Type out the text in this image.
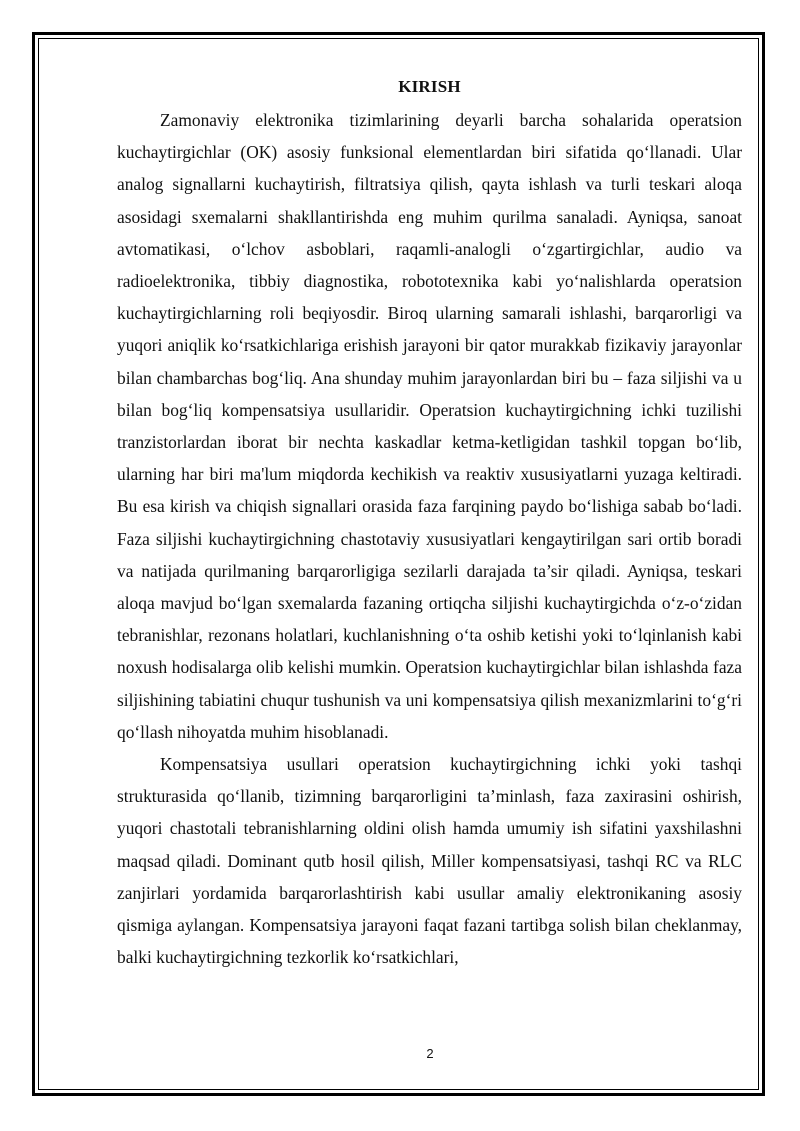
KIRISH

Zamonaviy elektronika tizimlarining deyarli barcha sohalarida operatsion kuchaytirgichlar (OK) asosiy funksional elementlardan biri sifatida qo‘llanadi. Ular analog signallarni kuchaytirish, filtratsiya qilish, qayta ishlash va turli teskari aloqa asosidagi sxemalarni shakllantirishda eng muhim qurilma sanaladi. Ayniqsa, sanoat avtomatikasi, o‘lchov asboblari, raqamli-analogli o‘zgartirgichlar, audio va radioelektronika, tibbiy diagnostika, robototexnika kabi yo‘nalishlarda operatsion kuchaytirgichlarning roli beqiyosdir. Biroq ularning samarali ishlashi, barqarorligi va yuqori aniqlik ko‘rsatkichlariga erishish jarayoni bir qator murakkab fizikaviy jarayonlar bilan chambarchas bog‘liq. Ana shunday muhim jarayonlardan biri bu – faza siljishi va u bilan bog‘liq kompensatsiya usullaridir. Operatsion kuchaytirgichning ichki tuzilishi tranzistorlardan iborat bir nechta kaskadlar ketma-ketligidan tashkil topgan bo‘lib, ularning har biri ma'lum miqdorda kechikish va reaktiv xususiyatlarni yuzaga keltiradi. Bu esa kirish va chiqish signallari orasida faza farqining paydo bo‘lishiga sabab bo‘ladi. Faza siljishi kuchaytirgichning chastotaviy xususiyatlari kengaytirilgan sari ortib boradi va natijada qurilmaning barqarorligiga sezilarli darajada ta’sir qiladi. Ayniqsa, teskari aloqa mavjud bo‘lgan sxemalarda fazaning ortiqcha siljishi kuchaytirgichda o‘z-o‘zidan tebranishlar, rezonans holatlari, kuchlanishning o‘ta oshib ketishi yoki to‘lqinlanish kabi noxush hodisalarga olib kelishi mumkin. Operatsion kuchaytirgichlar bilan ishlashda faza siljishining tabiatini chuqur tushunish va uni kompensatsiya qilish mexanizmlarini to‘g‘ri qo‘llash nihoyatda muhim hisoblanadi.

Kompensatsiya usullari operatsion kuchaytirgichning ichki yoki tashqi strukturasida qo‘llanib, tizimning barqarorligini ta’minlash, faza zaxirasini oshirish, yuqori chastotali tebranishlarning oldini olish hamda umumiy ish sifatini yaxshilashni maqsad qiladi. Dominant qutb hosil qilish, Miller kompensatsiyasi, tashqi RC va RLC zanjirlari yordamida barqarorlashtirish kabi usullar amaliy elektronikaning asosiy qismiga aylangan. Kompensatsiya jarayoni faqat fazani tartibga solish bilan cheklanmay, balki kuchaytirgichning tezkorlik ko‘rsatkichlari,

2
